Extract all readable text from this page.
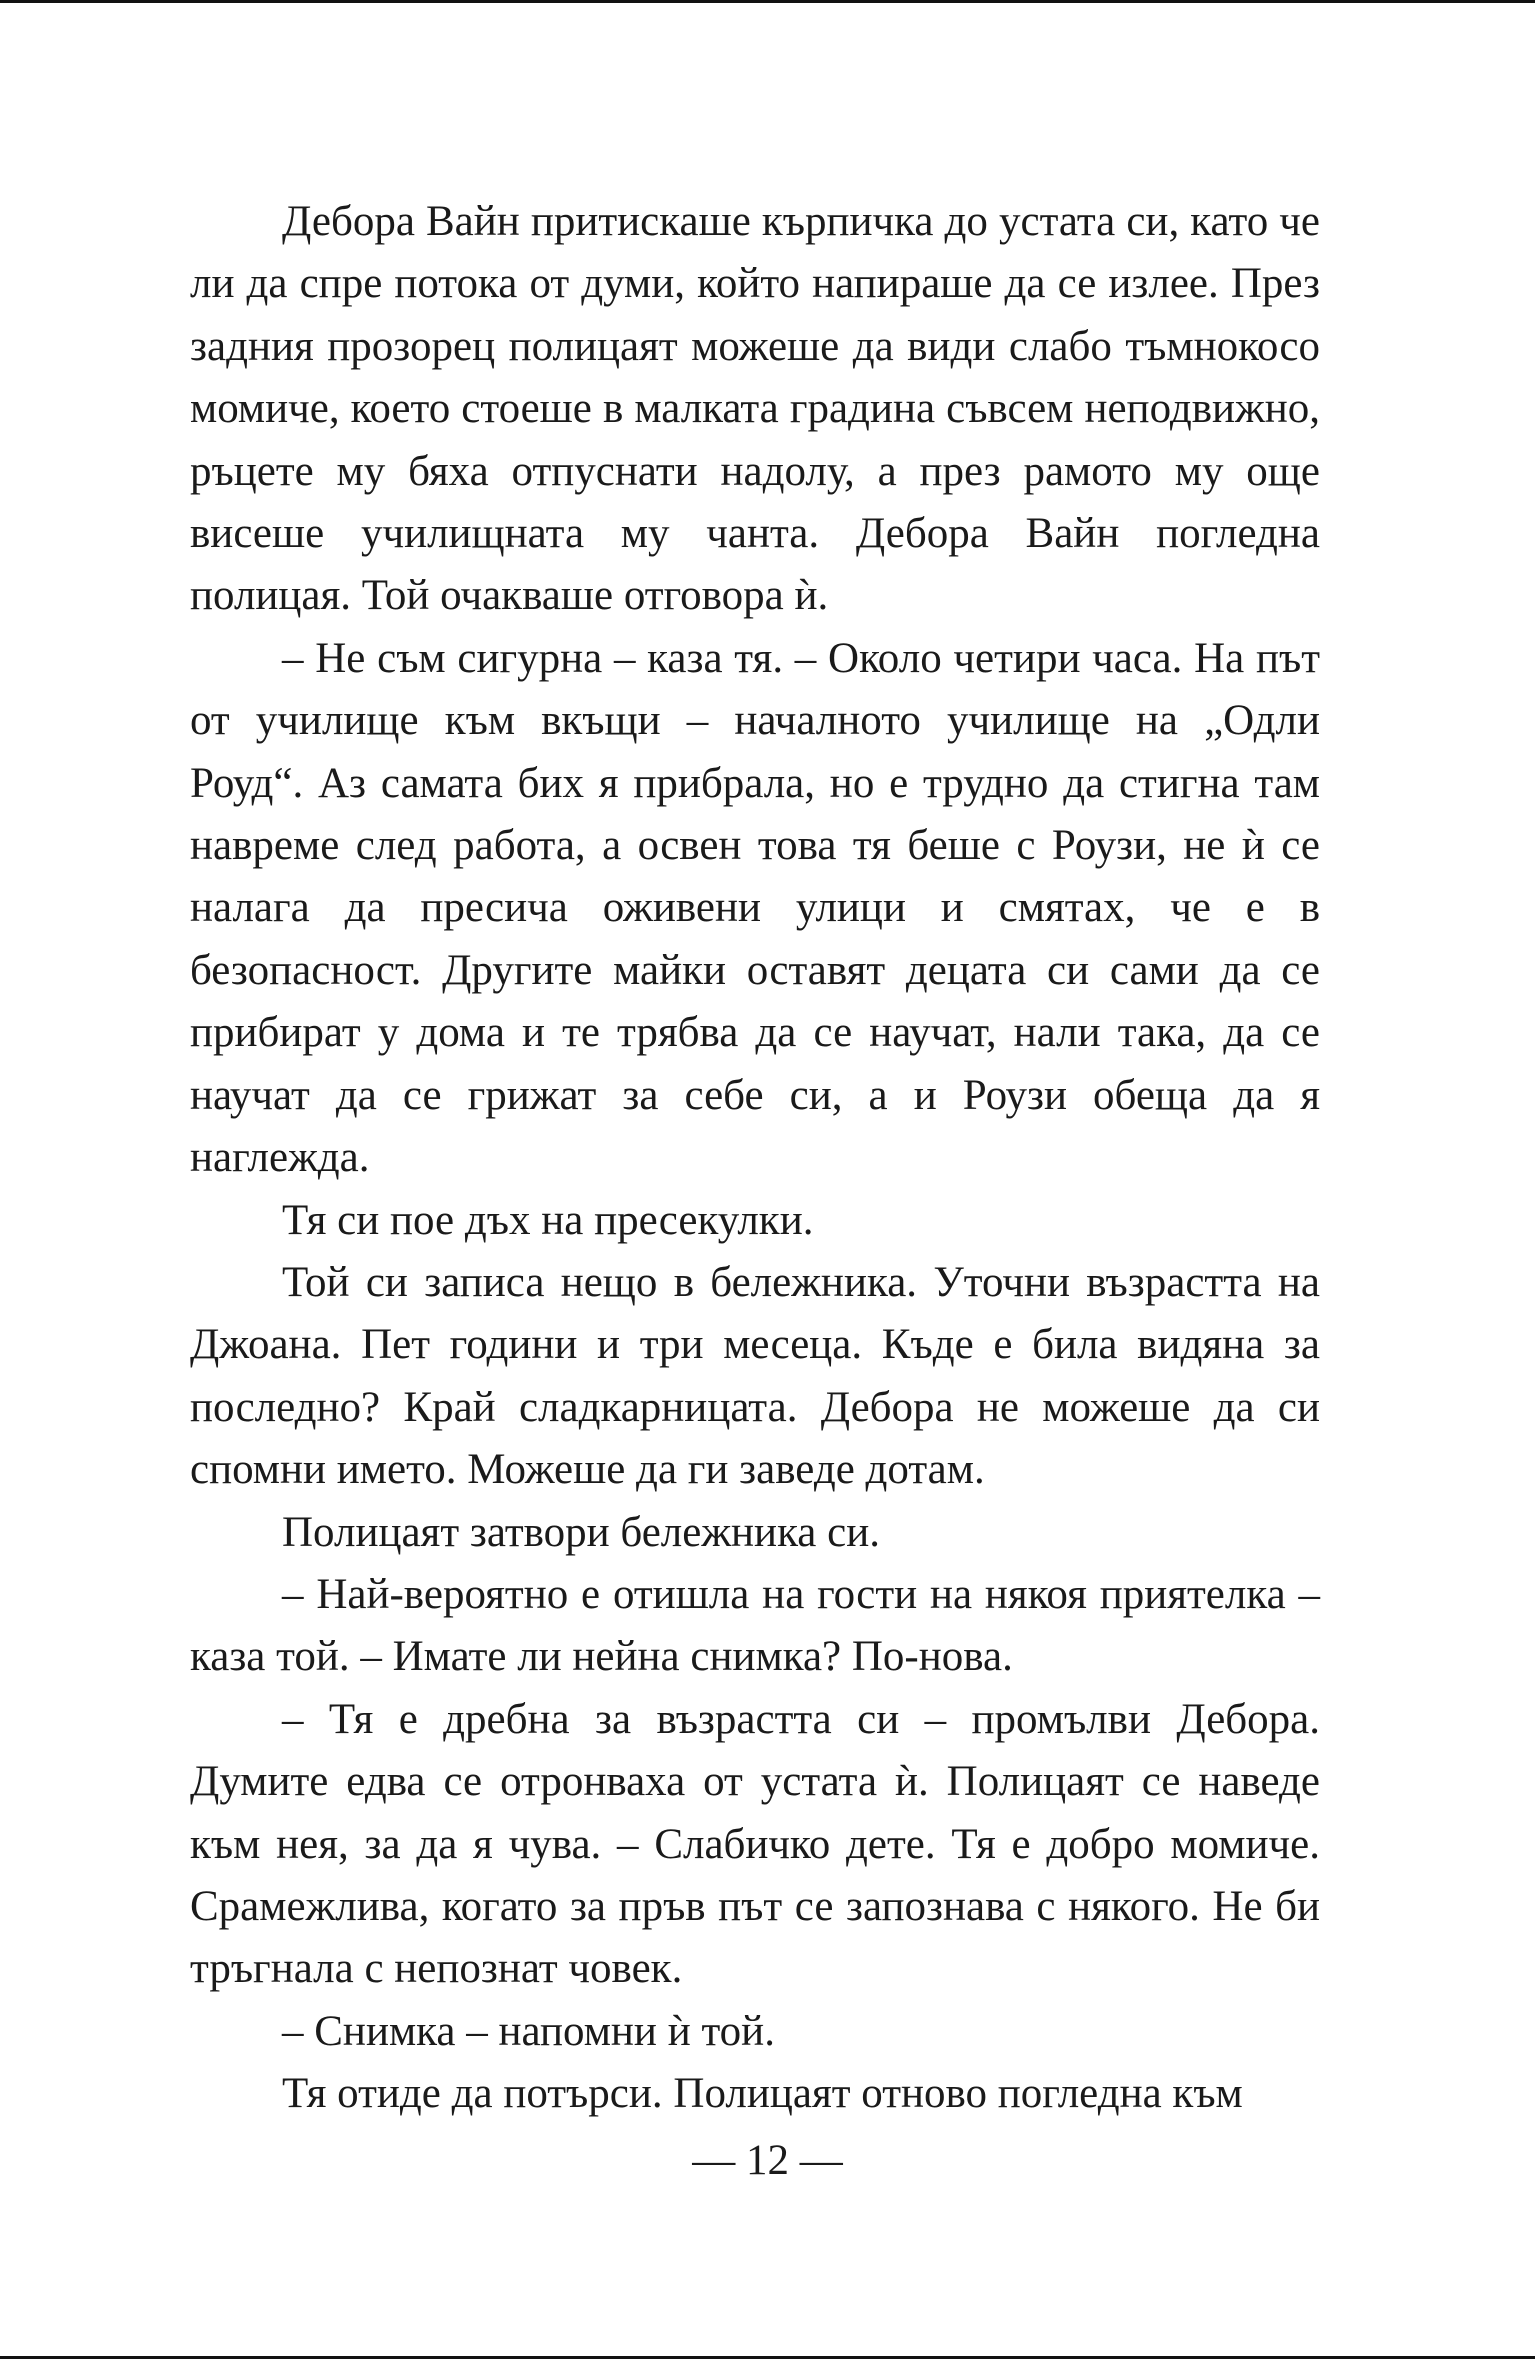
Дебора Вайн притискаше кърпичка до устата си, като че ли да спре потока от думи, който напираше да се излее. През задния прозорец полицаят можеше да види слабо тъмнокосо момиче, което стоеше в малката градина съвсем неподвижно, ръцете му бяха отпуснати надолу, а през рамото му още висеше училищната му чанта. Дебора Вайн погледна полицая. Той очакваше отговора ѝ.

– Не съм сигурна – каза тя. – Около четири часа. На път от училище към вкъщи – началното училище на „Одли Роуд“. Аз самата бих я прибрала, но е трудно да стигна там навреме след работа, а освен това тя беше с Роузи, не ѝ се налага да пресича оживени улици и смятах, че е в безопасност. Другите майки оставят децата си сами да се прибират у дома и те трябва да се научат, нали така, да се научат да се грижат за себе си, а и Роузи обеща да я наглежда.

Тя си пое дъх на пресекулки.

Той си записа нещо в бележника. Уточни възрастта на Джоана. Пет години и три месеца. Къде е била видяна за последно? Край сладкарницата. Дебора не можеше да си спомни името. Можеше да ги заведе дотам.

Полицаят затвори бележника си.

– Най-вероятно е отишла на гости на някоя приятелка – каза той. – Имате ли нейна снимка? По-нова.

– Тя е дребна за възрастта си – промълви Дебора. Думите едва се отронваха от устата ѝ. Полицаят се наведе към нея, за да я чува. – Слабичко дете. Тя е добро момиче. Срамежлива, когато за пръв път се запознава с някого. Не би тръгнала с непознат човек.

– Снимка – напомни ѝ той.

Тя отиде да потърси. Полицаят отново погледна към

— 12 —
